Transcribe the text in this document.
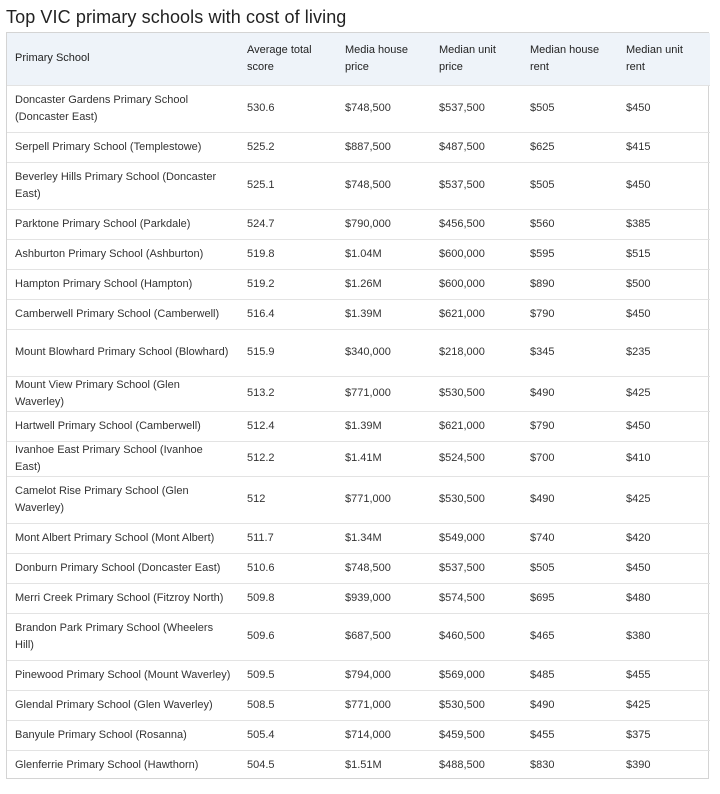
Top VIC primary schools with cost of living
Primary School	Average total score	Media house price	Median unit price	Median house rent	Median unit rent
Doncaster Gardens Primary School (Doncaster East)	530.6	$748,500	$537,500	$505	$450
Serpell Primary School (Templestowe)	525.2	$887,500	$487,500	$625	$415
Beverley Hills Primary School (Doncaster East)	525.1	$748,500	$537,500	$505	$450
Parktone Primary School (Parkdale)	524.7	$790,000	$456,500	$560	$385
Ashburton Primary School (Ashburton)	519.8	$1.04M	$600,000	$595	$515
Hampton Primary School (Hampton)	519.2	$1.26M	$600,000	$890	$500
Camberwell Primary School (Camberwell)	516.4	$1.39M	$621,000	$790	$450
Mount Blowhard Primary School (Blowhard)	515.9	$340,000	$218,000	$345	$235
Mount View Primary School (Glen Waverley)	513.2	$771,000	$530,500	$490	$425
Hartwell Primary School (Camberwell)	512.4	$1.39M	$621,000	$790	$450
Ivanhoe East Primary School (Ivanhoe East)	512.2	$1.41M	$524,500	$700	$410
Camelot Rise Primary School (Glen Waverley)	512	$771,000	$530,500	$490	$425
Mont Albert Primary School (Mont Albert)	511.7	$1.34M	$549,000	$740	$420
Donburn Primary School (Doncaster East)	510.6	$748,500	$537,500	$505	$450
Merri Creek Primary School (Fitzroy North)	509.8	$939,000	$574,500	$695	$480
Brandon Park Primary School (Wheelers Hill)	509.6	$687,500	$460,500	$465	$380
Pinewood Primary School (Mount Waverley)	509.5	$794,000	$569,000	$485	$455
Glendal Primary School (Glen Waverley)	508.5	$771,000	$530,500	$490	$425
Banyule Primary School (Rosanna)	505.4	$714,000	$459,500	$455	$375
Glenferrie Primary School (Hawthorn)	504.5	$1.51M	$488,500	$830	$390
